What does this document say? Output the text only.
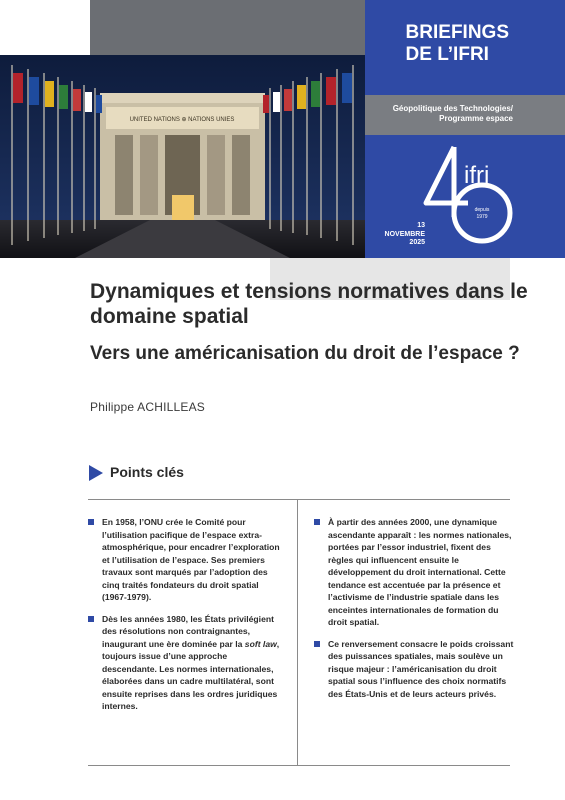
UNITED NATIONS ⊕ NATIONS UNIES
BRIEFINGS
DE L’IFRI
Géopolitique des Technologies/
Programme espace
ifri
depuis
1979
13
NOVEMBRE
2025
Dynamiques et tensions normatives dans le domaine spatial
Vers une américanisation du droit de l’espace ?
Philippe ACHILLEAS
Points clés

En 1958, l’ONU crée le Comité pour l’utilisation pacifique de l’espace extra-atmosphérique, pour encadrer l’exploration et l’utilisation de l’espace. Ses premiers travaux sont marqués par l’adoption des cinq traités fondateurs du droit spatial (1967-1979).

Dès les années 1980, les États privilégient des résolutions non contraignantes, inaugurant une ère dominée par la soft law, toujours issue d’une approche descendante. Les normes internationales, élaborées dans un cadre multilatéral, sont ensuite reprises dans les ordres juridiques internes.

À partir des années 2000, une dynamique ascendante apparaît : les normes nationales, portées par l’essor industriel, fixent des règles qui influencent ensuite le développement du droit international. Cette tendance est accentuée par la présence et l’activisme de l’industrie spatiale dans les enceintes internationales de formation du droit spatial.

Ce renversement consacre le poids croissant des puissances spatiales, mais soulève un risque majeur : l’américanisation du droit spatial sous l’influence des choix normatifs des États-Unis et de leurs acteurs privés.
